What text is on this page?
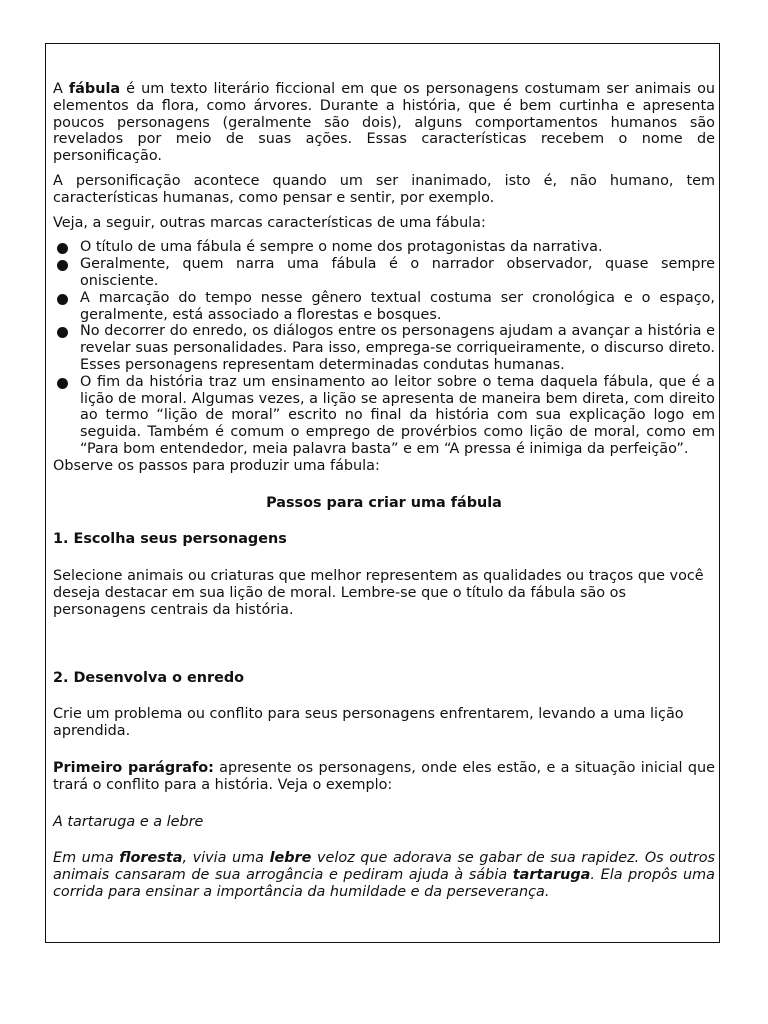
A fábula é um texto literário ficcional em que os personagens costumam ser animais ou elementos da flora, como árvores. Durante a história, que é bem curtinha e apresenta poucos personagens (geralmente são dois), alguns comportamentos humanos são revelados por meio de suas ações. Essas características recebem o nome de personificação.

A personificação acontece quando um ser inanimado, isto é, não humano, tem características humanas, como pensar e sentir, por exemplo.

Veja, a seguir, outras marcas características de uma fábula:

O título de uma fábula é sempre o nome dos protagonistas da narrativa.
Geralmente, quem narra uma fábula é o narrador observador, quase sempre onisciente.
A marcação do tempo nesse gênero textual costuma ser cronológica e o espaço, geralmente, está associado a florestas e bosques.
No decorrer do enredo, os diálogos entre os personagens ajudam a avançar a história e revelar suas personalidades. Para isso, emprega-se corriqueiramente, o discurso direto. Esses personagens representam determinadas condutas humanas.
O fim da história traz um ensinamento ao leitor sobre o tema daquela fábula, que é a lição de moral. Algumas vezes, a lição se apresenta de maneira bem direta, com direito ao termo “lição de moral” escrito no final da história com sua explicação logo em seguida. Também é comum o emprego de provérbios como lição de moral, como em “Para bom entendedor, meia palavra basta” e em “A pressa é inimiga da perfeição”.

Observe os passos para produzir uma fábula:

Passos para criar uma fábula

1. Escolha seus personagens

Selecione animais ou criaturas que melhor representem as qualidades ou traços que você deseja destacar em sua lição de moral. Lembre-se que o título da fábula são os personagens centrais da história.

2. Desenvolva o enredo

Crie um problema ou conflito para seus personagens enfrentarem, levando a uma lição aprendida.

Primeiro parágrafo: apresente os personagens, onde eles estão, e a situação inicial que trará o conflito para a história. Veja o exemplo:

A tartaruga e a lebre

Em uma floresta, vivia uma lebre veloz que adorava se gabar de sua rapidez. Os outros animais cansaram de sua arrogância e pediram ajuda à sábia tartaruga. Ela propôs uma corrida para ensinar a importância da humildade e da perseverança.
